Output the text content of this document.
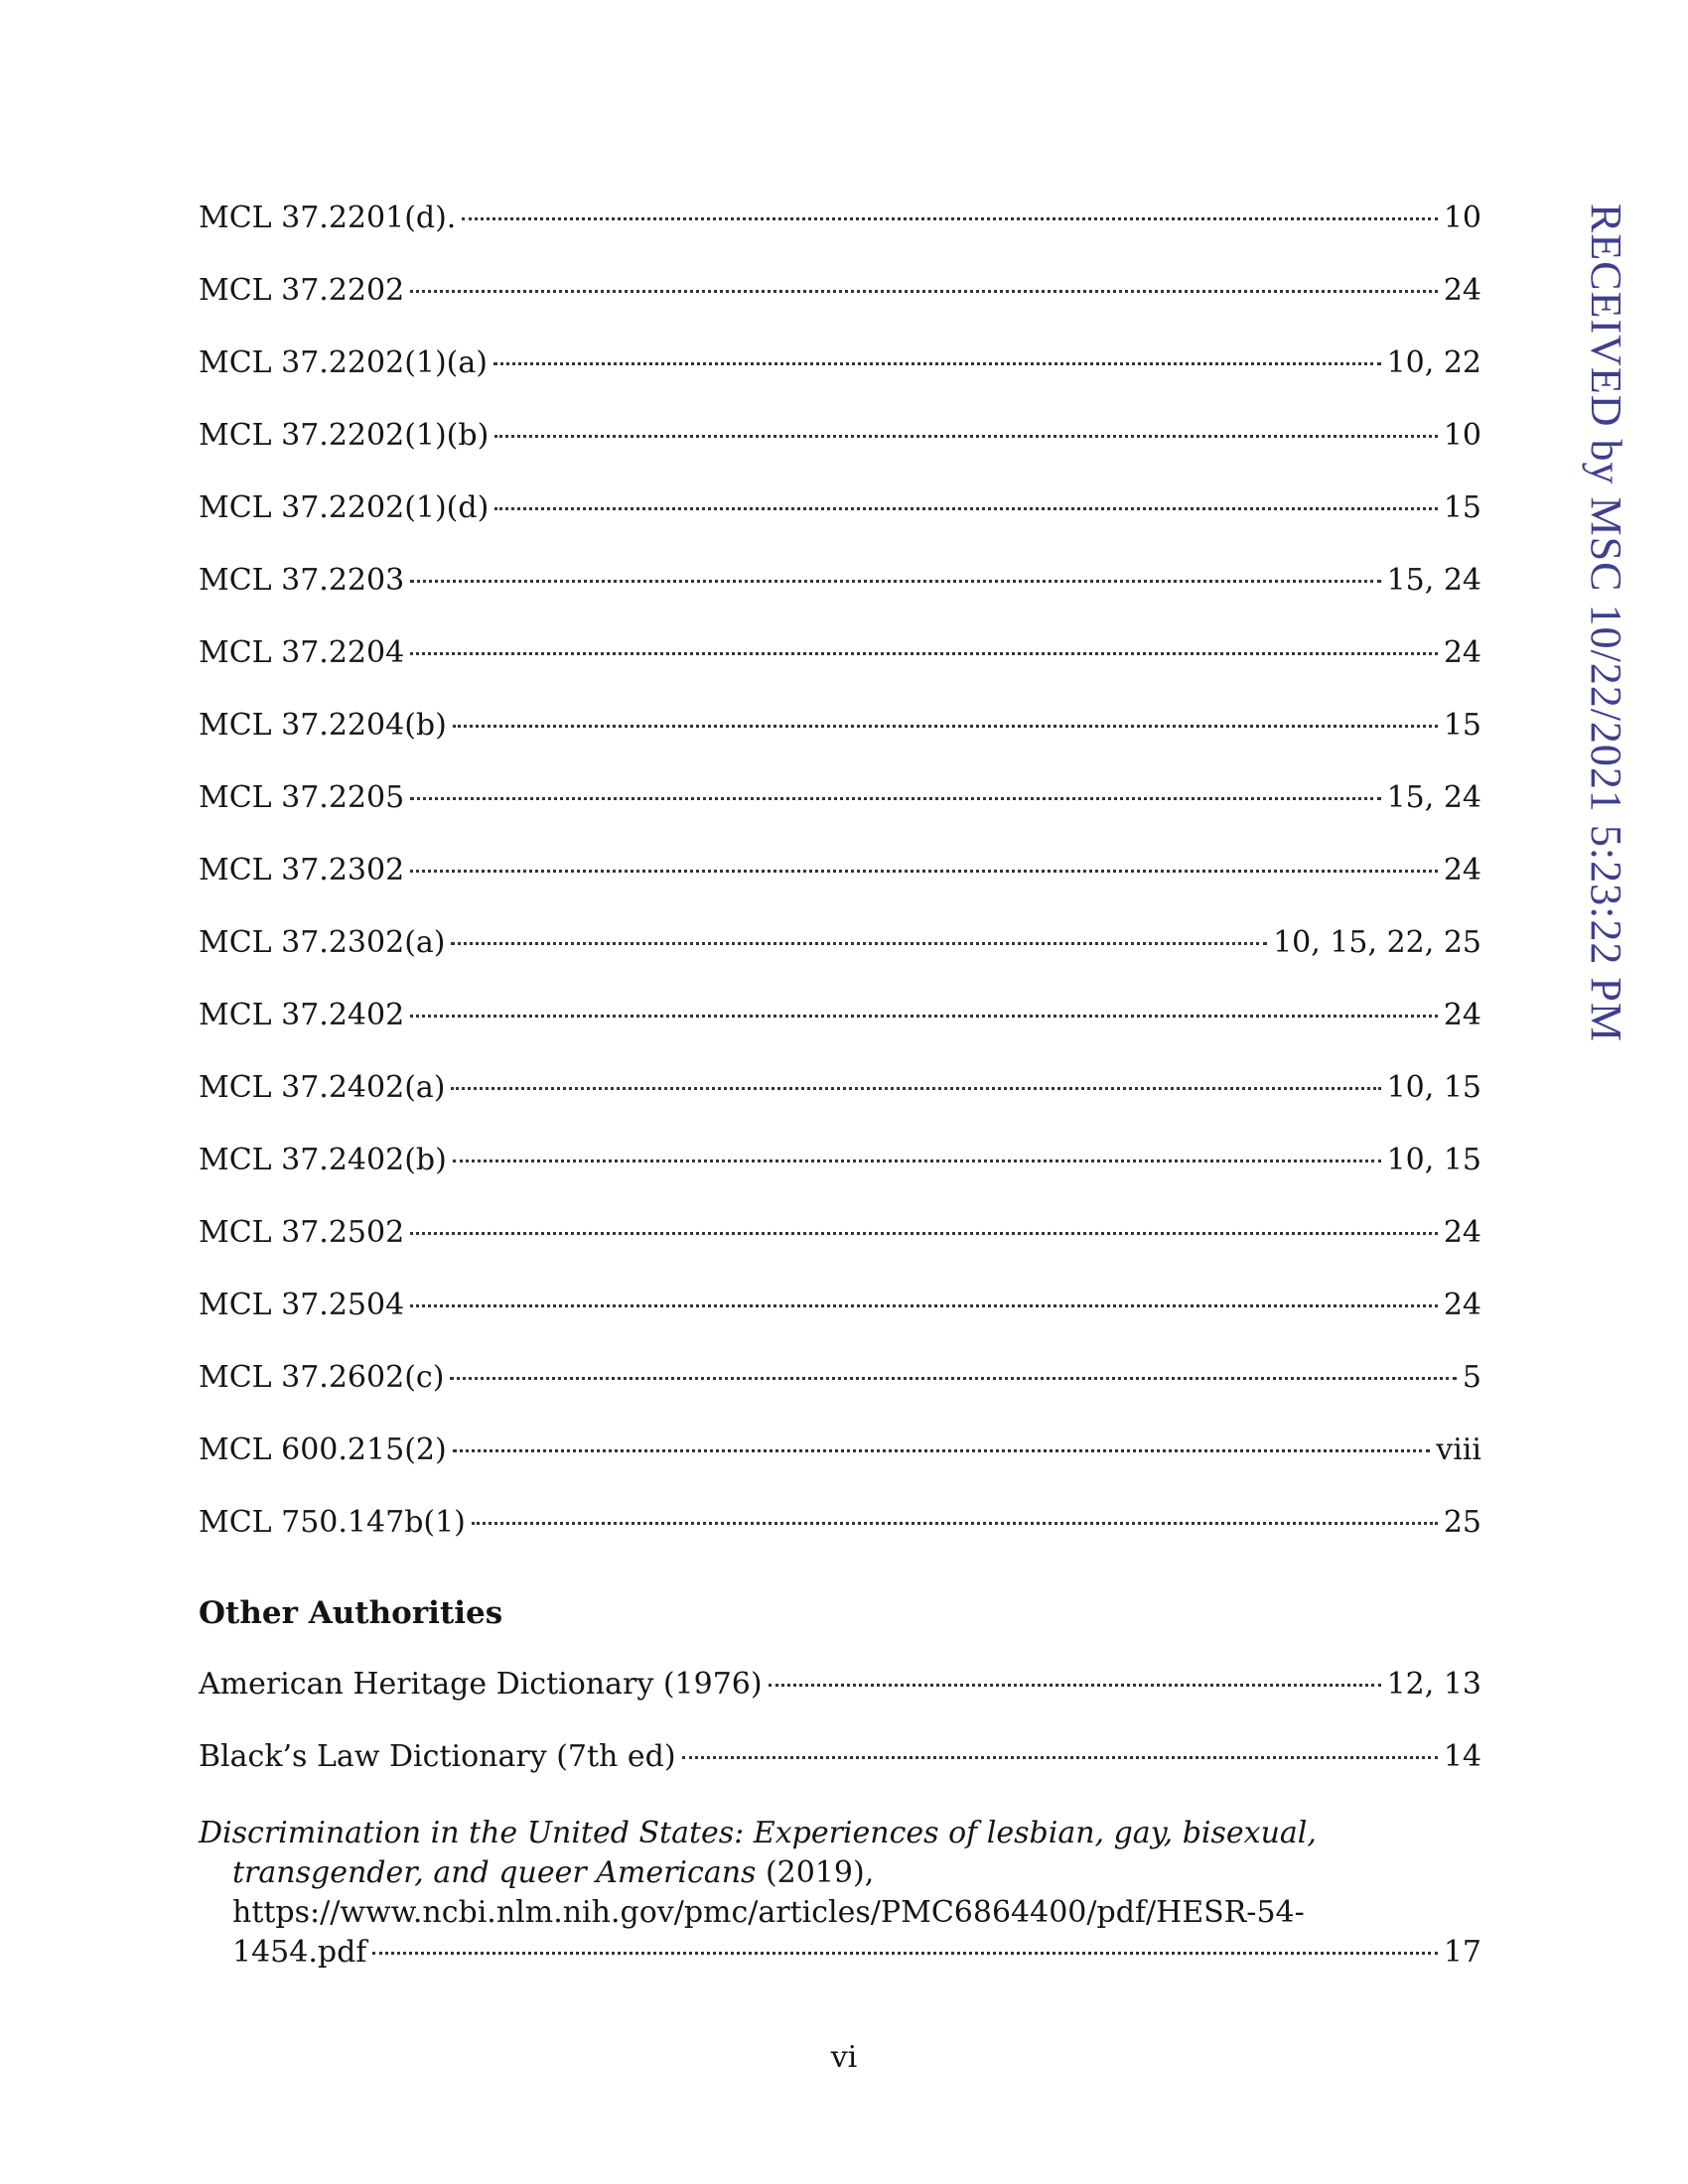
MCL 37.2201(d).	10
MCL 37.2202	24
MCL 37.2202(1)(a)	10, 22
MCL 37.2202(1)(b)	10
MCL 37.2202(1)(d)	15
MCL 37.2203	15, 24
MCL 37.2204	24
MCL 37.2204(b)	15
MCL 37.2205	15, 24
MCL 37.2302	24
MCL 37.2302(a)	10, 15, 22, 25
MCL 37.2402	24
MCL 37.2402(a)	10, 15
MCL 37.2402(b)	10, 15
MCL 37.2502	24
MCL 37.2504	24
MCL 37.2602(c)	5
MCL 600.215(2)	viii
MCL 750.147b(1)	25
Other Authorities
American Heritage Dictionary (1976)	12, 13
Black’s Law Dictionary (7th ed)	14
Discrimination in the United States: Experiences of lesbian, gay, bisexual,
transgender, and queer Americans (2019),
https://www.ncbi.nlm.nih.gov/pmc/articles/PMC6864400/pdf/HESR-54-
1454.pdf	17
vi
RECEIVED by MSC 10/22/2021 5:23:22 PM
